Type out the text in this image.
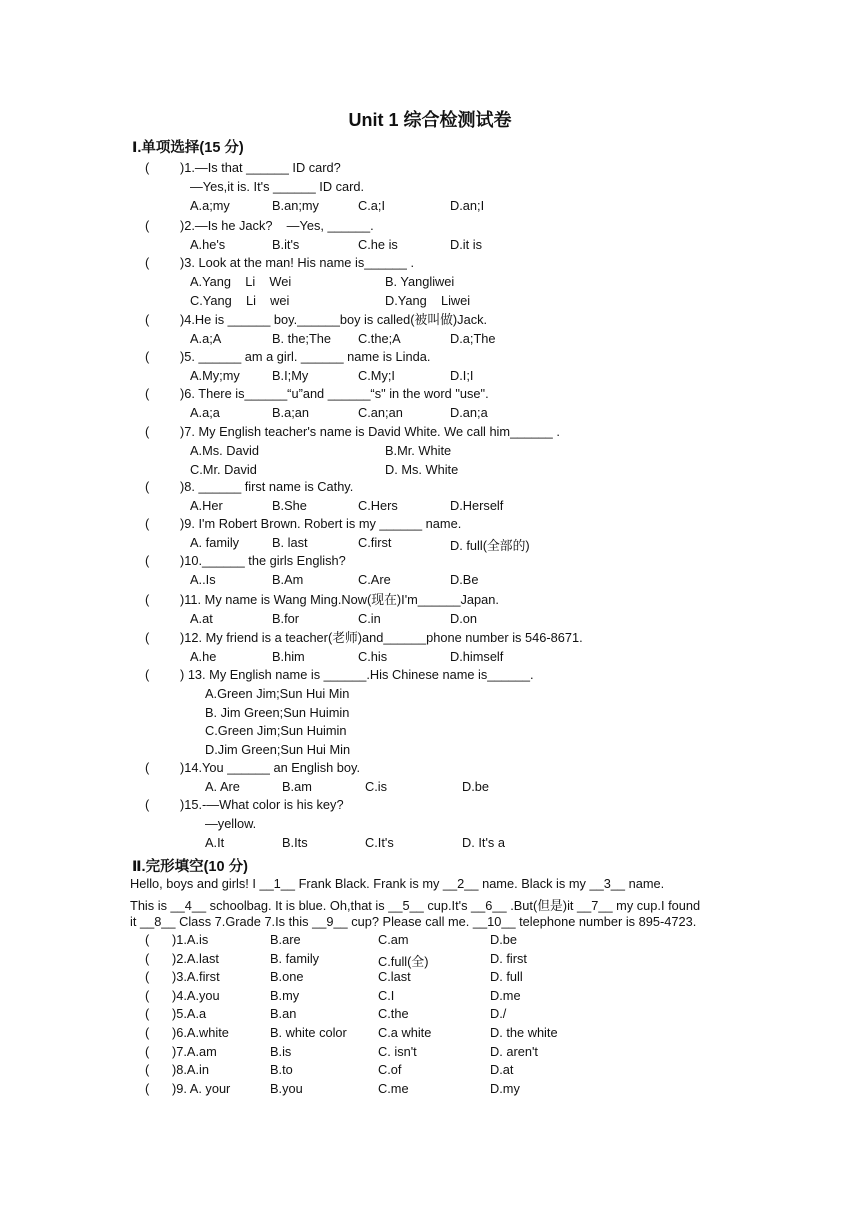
Unit 1 综合检测试卷
Ⅰ.单项选择(15 分)
( )1.—Is that ______ ID card?
—Yes,it is. It's ______ ID card.
A.a;my	B.an;my	C.a;I	D.an;I
( )2.—Is he Jack?    —Yes, ______.
A.he's	B.it's	C.he is	D.it is
( )3. Look at the man! His name is______ .
A.Yang    Li    Wei	B. Yangliwei
C.Yang    Li    wei	D.Yang    Liwei
( )4.He is ______ boy.______boy is called(被叫做)Jack.
A.a;A	B. the;The C.the;A	D.a;The
( )5. ______ am a girl. ______ name is Linda.
A.My;my	B.I;My	C.My;I	D.I;I
( )6. There is______“u”and ______“s" in the word "use".
A.a;a	B.a;an	C.an;an	D.an;a
( )7. My English teacher's name is David White. We call him______ .
A.Ms. David	B.Mr. White
C.Mr. David	D. Ms. White
( )8. ______ first name is Cathy.
A.Her	B.She	C.Hers	D.Herself
( )9. I'm Robert Brown. Robert is my ______ name.
A. family	B. last	C.first	D. full(全部的)
( )10.______ the girls English?
A..Is	B.Am	C.Are	D.Be
( )11. My name is Wang Ming.Now(现在)I'm______Japan.
A.at	B.for	C.in	D.on
( )12. My friend is a teacher(老师)and______phone number is 546-8671.
A.he	B.him	C.his	D.himself
( ) 13. My English name is ______.His Chinese name is______.
A.Green Jim;Sun Hui Min
B. Jim Green;Sun Huimin
C.Green Jim;Sun Huimin
D.Jim Green;Sun Hui Min
( )14.You ______ an English boy.
A. Are	B.am	C.is	D.be
( )15.-—What color is his key?
—yellow.
A.It	B.Its	C.It's	D. It's a
Ⅱ.完形填空(10 分)
Hello, boys and girls! I __1__ Frank Black. Frank is my __2__ name. Black is my __3__ name.
This is __4__ schoolbag. It is blue. Oh,that is __5__ cup.It's __6__ .But(但是)it __7__ my cup.I found
it __8__ Class 7.Grade 7.Is this __9__ cup? Please call me. __10__ telephone number is 895-4723.
( )1.A.is	B.are	C.am	D.be
( )2.A.last	B. family	C.full(全)	D. first
( )3.A.first	B.one	C.last	D. full
( )4.A.you	B.my	C.I	D.me
( )5.A.a	B.an	C.the	D./
( )6.A.white	B. white color C.a white	D. the white
( )7.A.am	B.is	C. isn't	D. aren't
( )8.A.in	B.to	C.of	D.at
( )9. A. your	B.you	C.me	D.my
